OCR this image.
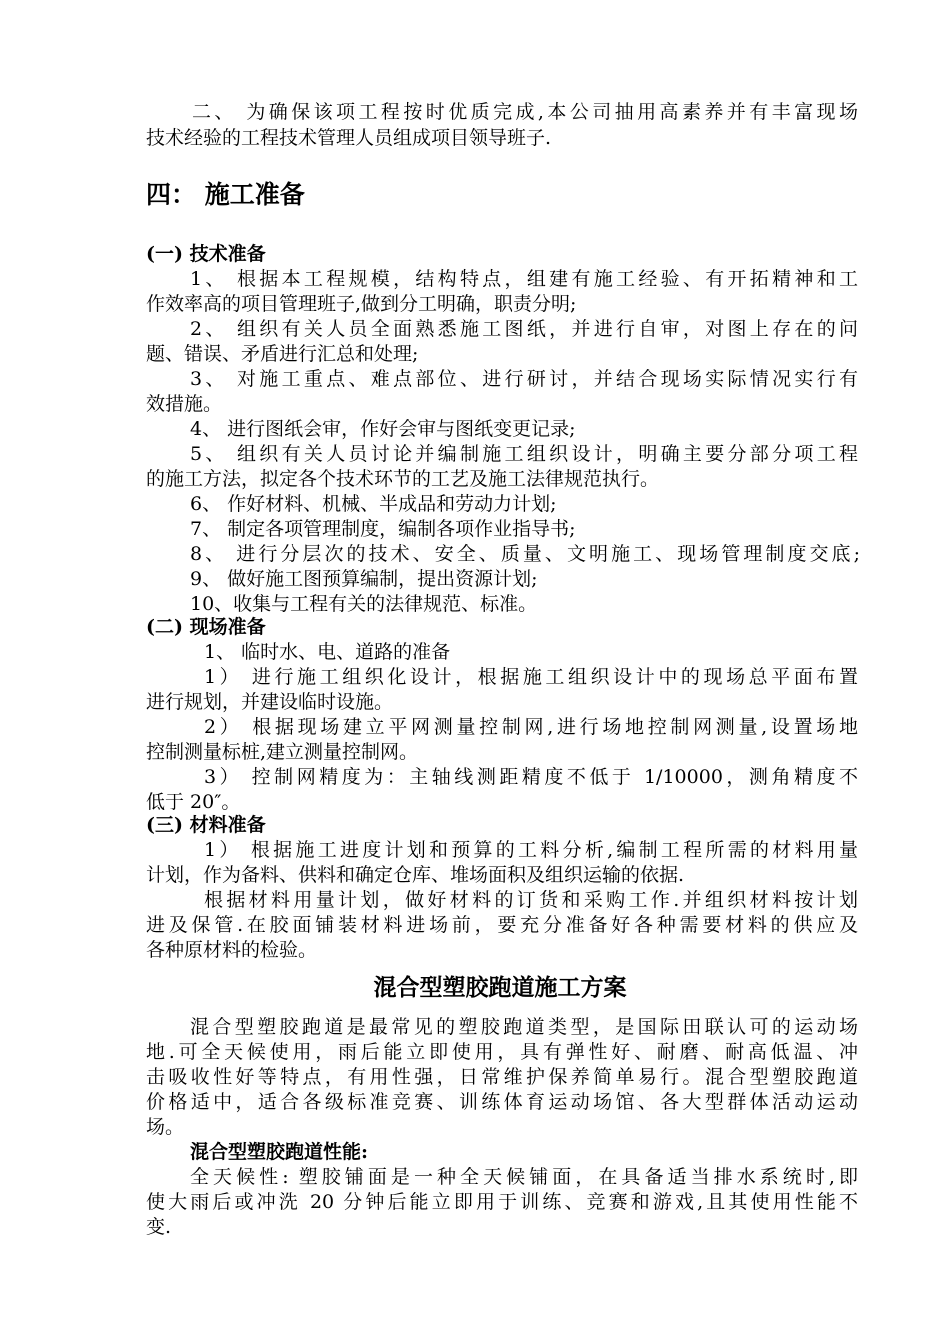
二、 为确保该项工程按时优质完成,本公司抽用高素养并有丰富现场
技术经验的工程技术管理人员组成项目领导班子.
四： 施工准备
(一) 技术准备
1、 根据本工程规模，结构特点，组建有施工经验、有开拓精神和工
作效率高的项目管理班子,做到分工明确，职责分明;
2、 组织有关人员全面熟悉施工图纸，并进行自审，对图上存在的问
题、错误、矛盾进行汇总和处理;
3、 对施工重点、难点部位、进行研讨，并结合现场实际情况实行有
效措施。
4、 进行图纸会审，作好会审与图纸变更记录;
5、 组织有关人员讨论并编制施工组织设计，明确主要分部分项工程
的施工方法，拟定各个技术环节的工艺及施工法律规范执行。
6、 作好材料、机械、半成品和劳动力计划;
7、 制定各项管理制度，编制各项作业指导书;
8、 进行分层次的技术、安全、质量、文明施工、现场管理制度交底;
9、 做好施工图预算编制，提出资源计划;
10、收集与工程有关的法律规范、标准。
(二) 现场准备
1、 临时水、电、道路的准备
1） 进行施工组织化设计，根据施工组织设计中的现场总平面布置
进行规划，并建设临时设施。
2） 根据现场建立平网测量控制网,进行场地控制网测量,设置场地
控制测量标桩,建立测量控制网。
3） 控制网精度为：主轴线测距精度不低于 1/10000，测角精度不
低于 20″。
(三) 材料准备
1） 根据施工进度计划和预算的工料分析,编制工程所需的材料用量
计划，作为备料、供料和确定仓库、堆场面积及组织运输的依据.
根据材料用量计划，做好材料的订货和采购工作.并组织材料按计划
进及保管.在胶面铺装材料进场前，要充分准备好各种需要材料的供应及
各种原材料的检验。
混合型塑胶跑道施工方案
混合型塑胶跑道是最常见的塑胶跑道类型，是国际田联认可的运动场
地.可全天候使用，雨后能立即使用，具有弹性好、耐磨、耐高低温、冲
击吸收性好等特点，有用性强，日常维护保养简单易行。混合型塑胶跑道
价格适中，适合各级标准竞赛、训练体育运动场馆、各大型群体活动运动
场。
混合型塑胶跑道性能:
全天候性: 塑胶铺面是一种全天候铺面，在具备适当排水系统时,即
使大雨后或冲洗 20 分钟后能立即用于训练、竞赛和游戏,且其使用性能不
变.
